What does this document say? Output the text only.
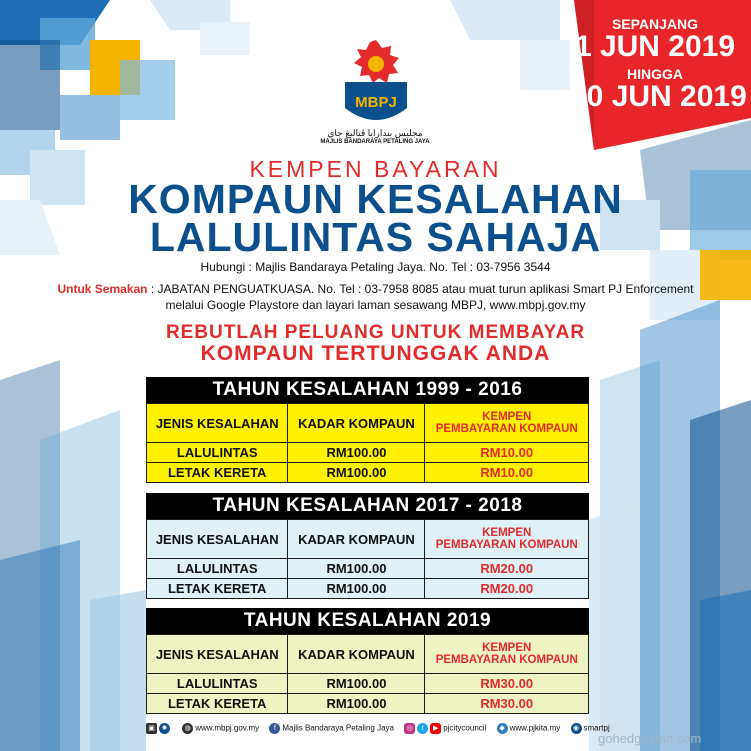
SEPANJANG
1 JUN 2019
HINGGA
30 JUN 2019
MBPJ
مجليس بندارايا ڤتاليڠ جاي
MAJLIS BANDARAYA PETALING JAYA
KEMPEN BAYARAN
KOMPAUN KESALAHAN
LALULINTAS SAHAJA
Hubungi : Majlis Bandaraya Petaling Jaya. No. Tel : 03-7956 3544
Untuk Semakan : JABATAN PENGUATKUASA. No. Tel : 03-7958 8085 atau muat turun aplikasi Smart PJ Enforcement
melalui Google Playstore dan layari laman sesawang MBPJ, www.mbpj.gov.my
REBUTLAH PELUANG UNTUK MEMBAYAR
KOMPAUN TERTUNGGAK ANDA
TAHUN KESALAHAN 1999 - 2016
JENIS KESALAHAN	KADAR KOMPAUN	KEMPEN
PEMBAYARAN KOMPAUN
LALULINTAS	RM100.00	RM10.00
LETAK KERETA	RM100.00	RM10.00
TAHUN KESALAHAN 2017 - 2018
JENIS KESALAHAN	KADAR KOMPAUN	KEMPEN
PEMBAYARAN KOMPAUN
LALULINTAS	RM100.00	RM20.00
LETAK KERETA	RM100.00	RM20.00
TAHUN KESALAHAN 2019
JENIS KESALAHAN	KADAR KOMPAUN	KEMPEN
PEMBAYARAN KOMPAUN
LALULINTAS	RM100.00	RM30.00
LETAK KERETA	RM100.00	RM30.00
▣ ✹ ◍ www.mbpj.gov.my f Majlis Bandaraya Petaling Jaya ◎ t ▶ pjcitycouncil ◆ www.pjkita.my ◉ smartpj
gohedgostan.com
